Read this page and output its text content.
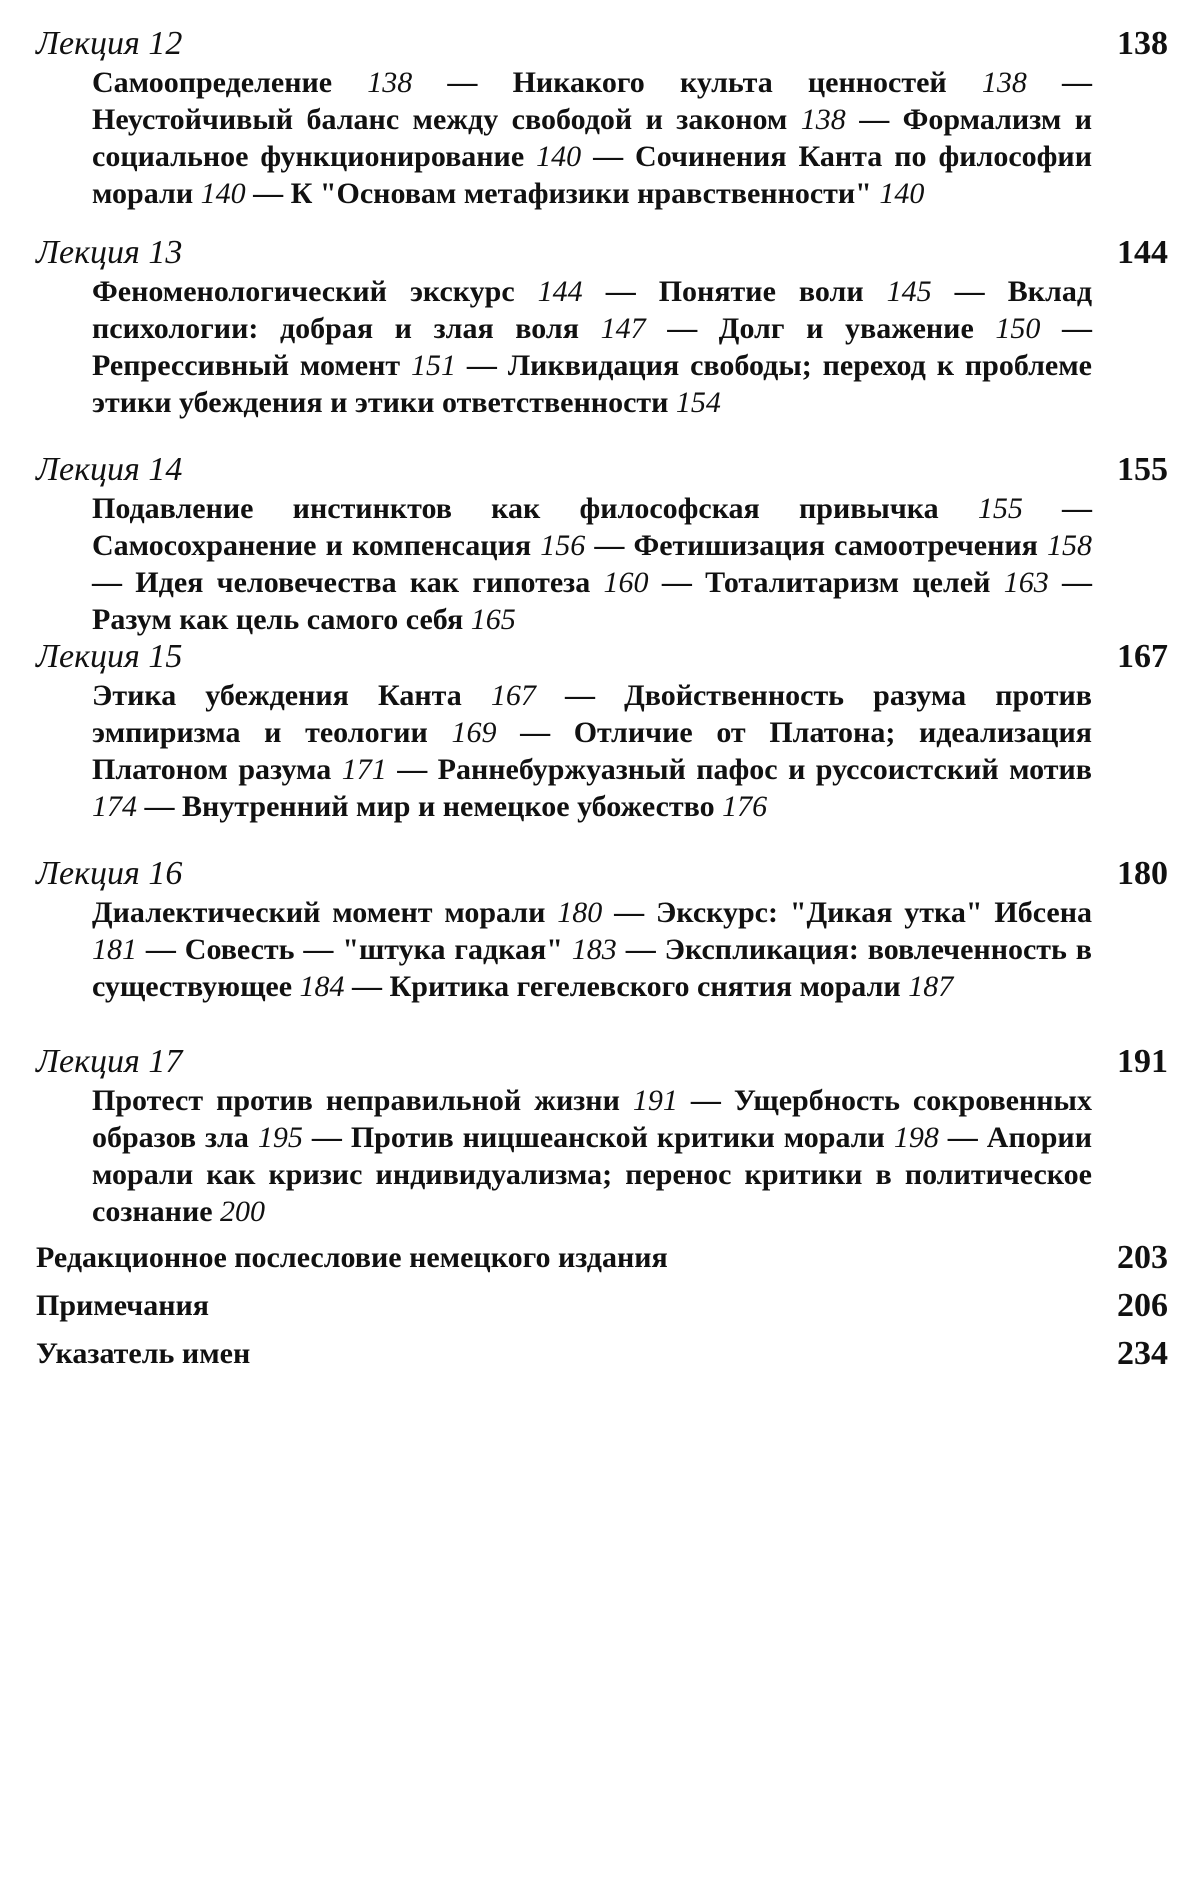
Лекция 12	138
Самоопределение 138 — Никакого культа ценностей 138 — Неустойчивый баланс между свободой и законом 138 — Формализм и социальное функционирование 140 — Сочинения Канта по философии морали 140 — К "Основам метафизики нравственности" 140
Лекция 13	144
Феноменологический экскурс 144 — Понятие воли 145 — Вклад психологии: добрая и злая воля 147 — Долг и уважение 150 — Репрессивный момент 151 — Ликвидация свободы; переход к проблеме этики убеждения и этики ответственности 154
Лекция 14	155
Подавление инстинктов как философская привычка 155 — Самосохранение и компенсация 156 — Фетишизация самоотречения 158 — Идея человечества как гипотеза 160 — Тоталитаризм целей 163 — Разум как цель самого себя 165
Лекция 15	167
Этика убеждения Канта 167 — Двойственность разума против эмпиризма и теологии 169 — Отличие от Платона; идеализация Платоном разума 171 — Раннебуржуазный пафос и руссоистский мотив 174 — Внутренний мир и немецкое убожество 176
Лекция 16	180
Диалектический момент морали 180 — Экскурс: "Дикая утка" Ибсена 181 — Совесть — "штука гадкая" 183 — Экспликация: вовлеченность в существующее 184 — Критика гегелевского снятия морали 187
Лекция 17	191
Протест против неправильной жизни 191 — Ущербность сокровенных образов зла 195 — Против ницшеанской критики морали 198 — Апории морали как кризис индивидуализма; перенос критики в политическое сознание 200
Редакционное послесловие немецкого издания	203
Примечания	206
Указатель имен	234
